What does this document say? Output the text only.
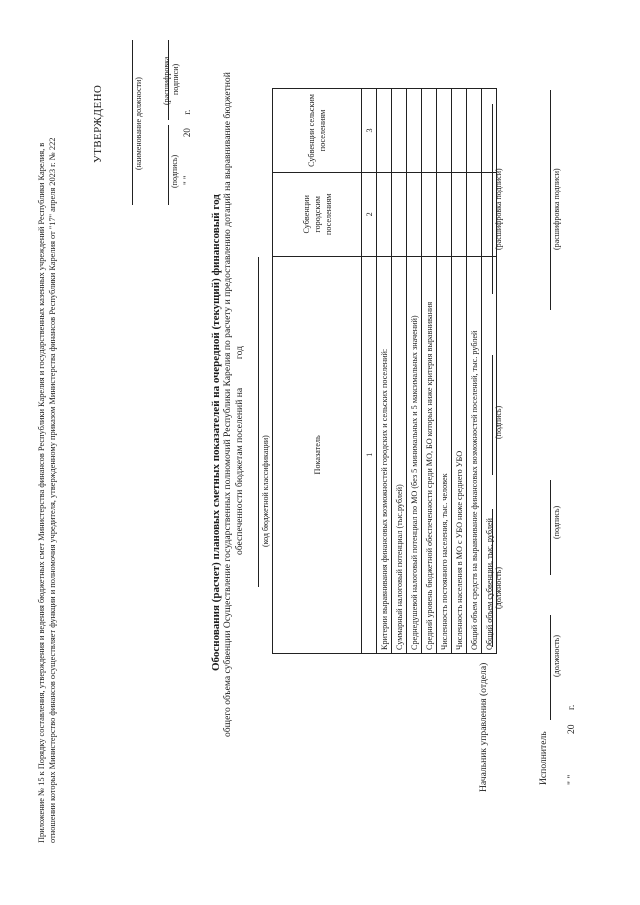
Приложение № 15 к Порядку составления, утверждения и ведения бюджетных смет Министерства финансов Республики Карелия и государственных казенных учреждений Республики Карелия, в отношении которых Министерство финансов осуществляет функции и полномочия учредителя, утвержденному приказом Министерства финансов Республики Карелия от "17" апреля 2023 г. № 222
УТВЕРЖДЕНО	(наименование должности)
(подпись)
(расшифровка подписи)
" "                 20      г.
Обоснования (расчет) плановых сметных показателей на очередной (текущий) финансовый год общего объема субвенции Осуществление государственных полномочий Республики Карелия по расчету и предоставлению дотаций на выравнивание бюджетной обеспеченности бюджетам поселений на            год (код бюджетной классификации)	Показатель	Субвенции городским поселениям	Субвенции сельским поселениям
1	2	3
Критерии выравнивания финансовых возможностей городских и сельских поселений:		
Суммарный налоговый потенциал (тыс.рублей)		
Среднедушевой налоговый потенциал по МО (без 5 минимальных и 5 максимальных значений)		
Средний уровень бюджетной обеспеченности среди МО, БО которых ниже критерия выравнивания		
Численность постоянного населения, тыс. человек		
Численность населения в МО с УБО ниже среднего УБО		
Общий объем средств на выравнивание финансовых возможностей поселений, тыс. рублей		
Общий объем субвенции, тыс. рублей		
Начальник управления (отдела)
(должность)
(подпись)
(расшифровка подписи)
Исполнитель
(должность)
(подпись)
(расшифровка подписи)
" "                 20      г.
